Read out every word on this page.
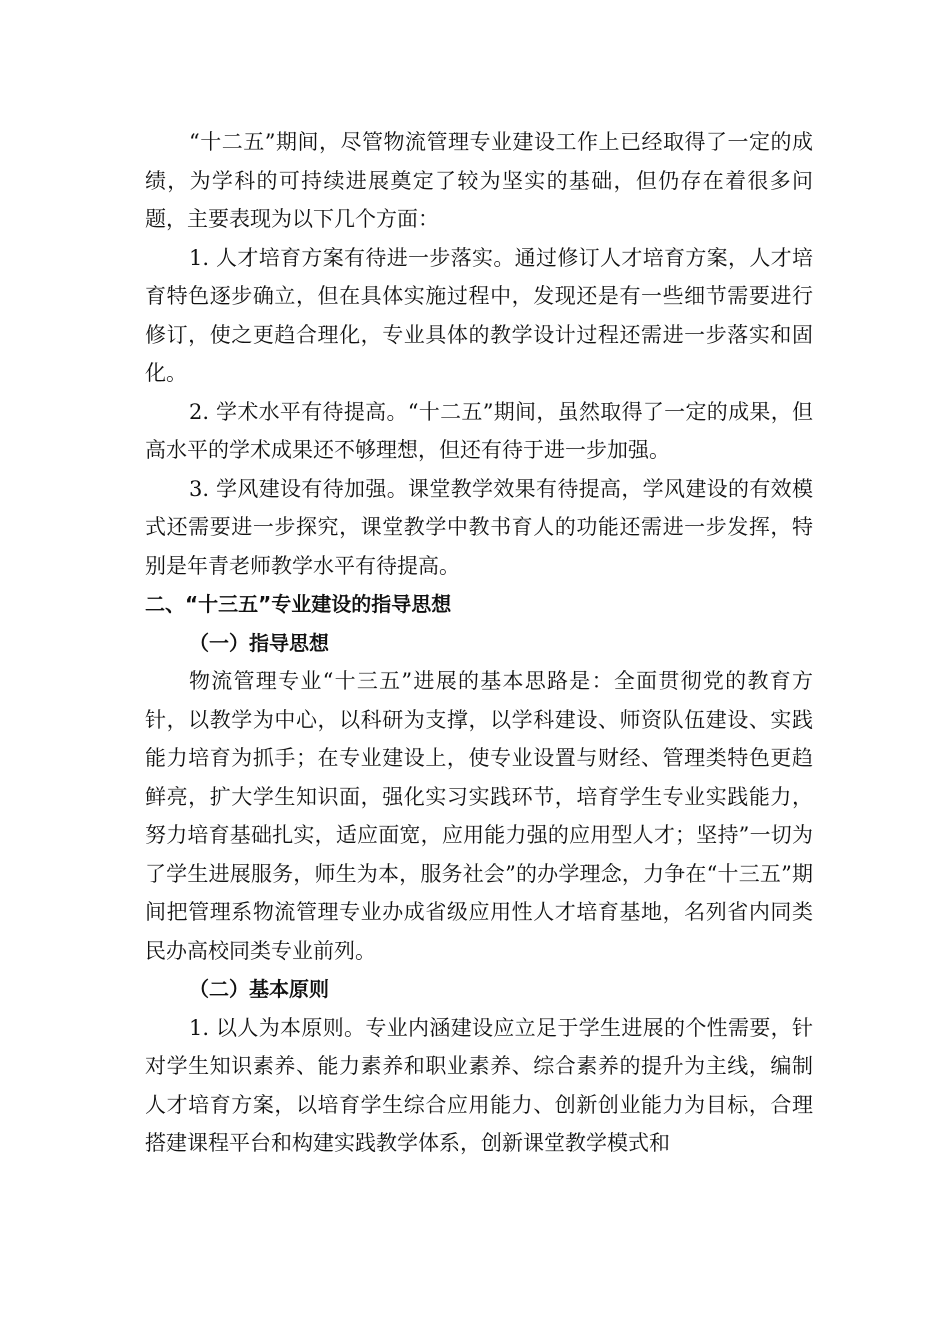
“十二五”期间，尽管物流管理专业建设工作上已经取得了一定的成绩，为学科的可持续进展奠定了较为坚实的基础，但仍存在着很多问题，主要表现为以下几个方面：

1. 人才培育方案有待进一步落实。通过修订人才培育方案，人才培育特色逐步确立，但在具体实施过程中，发现还是有一些细节需要进行修订，使之更趋合理化，专业具体的教学设计过程还需进一步落实和固化。

2. 学术水平有待提高。“十二五”期间，虽然取得了一定的成果，但高水平的学术成果还不够理想，但还有待于进一步加强。

3. 学风建设有待加强。课堂教学效果有待提高，学风建设的有效模式还需要进一步探究，课堂教学中教书育人的功能还需进一步发挥，特别是年青老师教学水平有待提高。

二、“十三五”专业建设的指导思想

（一）指导思想

物流管理专业“十三五”进展的基本思路是：全面贯彻党的教育方针，以教学为中心，以科研为支撑，以学科建设、师资队伍建设、实践能力培育为抓手；在专业建设上，使专业设置与财经、管理类特色更趋鲜亮，扩大学生知识面，强化实习实践环节，培育学生专业实践能力，努力培育基础扎实，适应面宽，应用能力强的应用型人才；坚持”一切为了学生进展服务，师生为本，服务社会”的办学理念，力争在“十三五”期间把管理系物流管理专业办成省级应用性人才培育基地，名列省内同类民办高校同类专业前列。

（二）基本原则

1. 以人为本原则。专业内涵建设应立足于学生进展的个性需要，针对学生知识素养、能力素养和职业素养、综合素养的提升为主线，编制人才培育方案，以培育学生综合应用能力、创新创业能力为目标，合理搭建课程平台和构建实践教学体系，创新课堂教学模式和
